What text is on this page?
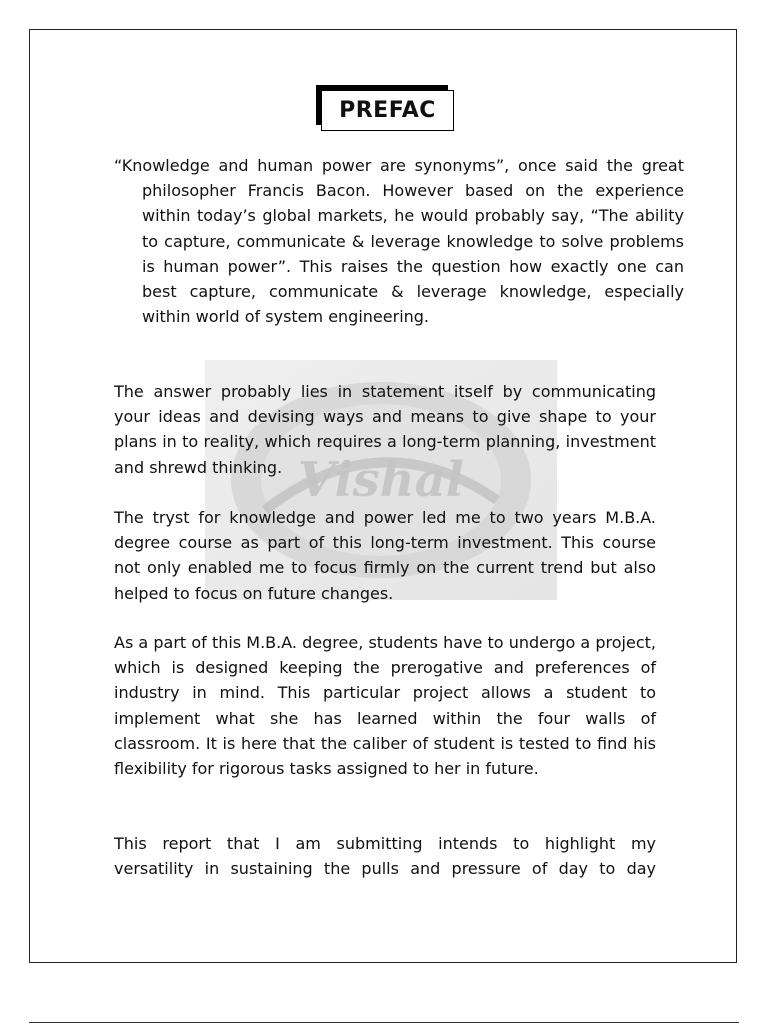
Vishal
PREFAC
“Knowledge and human power are synonyms”, once said the great philosopher Francis Bacon. However based on the experience within today’s global markets, he would probably say, “The ability to capture, communicate & leverage knowledge to solve problems is human power”. This raises the question how exactly one can best capture, communicate & leverage knowledge, especially within world of system engineering.
The answer probably lies in statement itself by communicating your ideas and devising ways and means to give shape to your plans in to reality, which requires a long-term planning, investment and shrewd thinking.
The tryst for knowledge and power led me to two years M.B.A. degree course as part of this long-term investment. This course not only enabled me to focus firmly on the current trend but also helped to focus on future changes.
As a part of this M.B.A. degree, students have to undergo a project, which is designed keeping the prerogative and preferences of industry in mind. This particular project allows a student to implement what she has learned within the four walls of classroom. It is here that the caliber of student is tested to find his flexibility for rigorous tasks assigned to her in future.
This report that I am submitting intends to highlight my
versatility in sustaining the pulls and pressure of day to day
